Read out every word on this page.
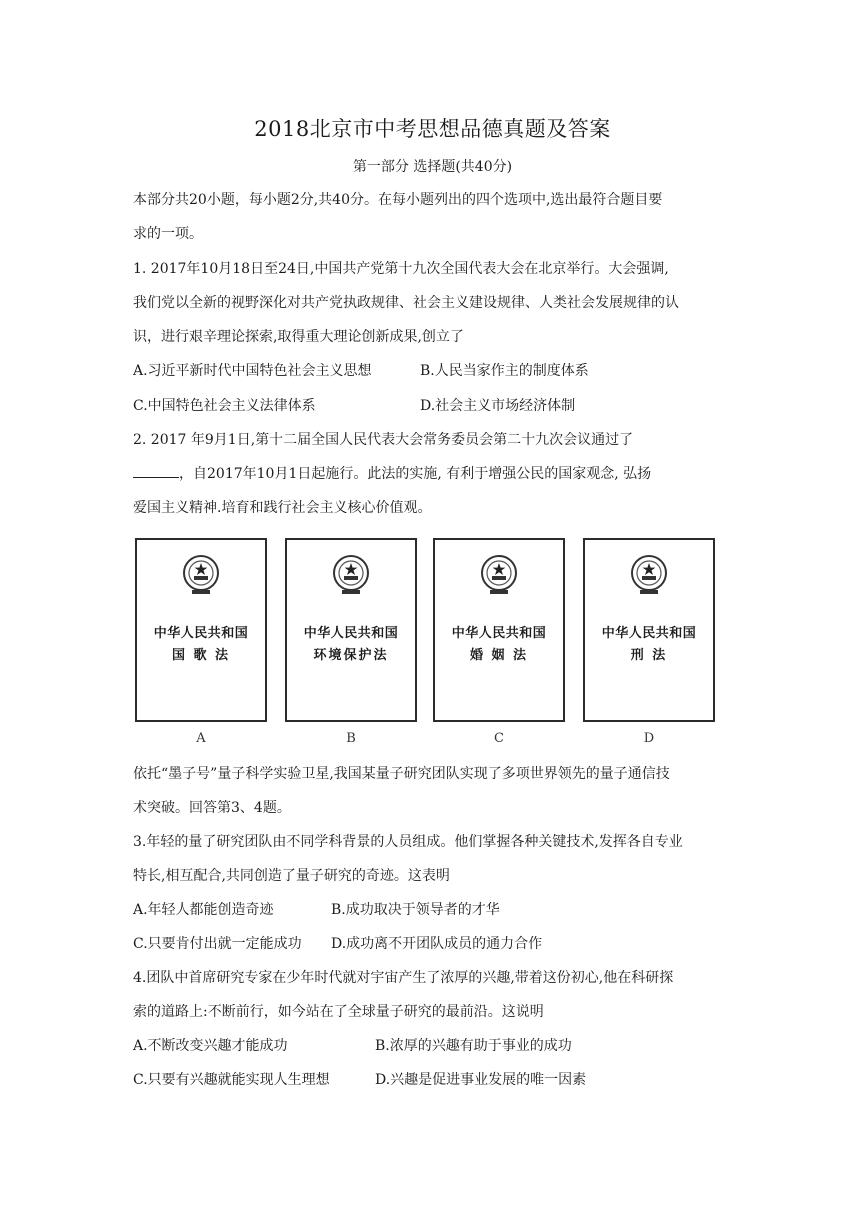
2018北京市中考思想品德真题及答案
第一部分 选择题(共40分)
本部分共20小题，每小题2分,共40分。在每小题列出的四个选项中,选出最符合题目要
求的一项。
1. 2017年10月18日至24日,中国共产党第十九次全国代表大会在北京举行。大会强调,
我们党以全新的视野深化对共产党执政规律、社会主义建设规律、人类社会发展规律的认
识，进行艰辛理论探索,取得重大理论创新成果,创立了
A.习近平新时代中国特色社会主义思想	B.人民当家作主的制度体系
C.中国特色社会主义法律体系	D.社会主义市场经济体制
2. 2017 年9月1日,第十二届全国人民代表大会常务委员会第二十九次会议通过了
，自2017年10月1日起施行。此法的实施, 有利于增强公民的国家观念, 弘扬
爱国主义精神.培育和践行社会主义核心价值观。
中华人民共和国
国 歌 法
中华人民共和国
环境保护法
中华人民共和国
婚 姻 法
中华人民共和国
刑 法
A	B	C	D
依托“墨子号”量子科学实验卫星,我国某量子研究团队实现了多项世界领先的量子通信技
术突破。回答第3、4题。
3.年轻的量了研究团队由不同学科背景的人员组成。他们掌握各种关键技术,发挥各自专业
特长,相互配合,共同创造了量子研究的奇迹。这表明
A.年轻人都能创造奇迹	B.成功取决于领导者的才华
C.只要肯付出就一定能成功 D.成功离不开团队成员的通力合作
4.团队中首席研究专家在少年时代就对宇宙产生了浓厚的兴趣,带着这份初心,他在科研探
索的道路上:不断前行，如今站在了全球量子研究的最前沿。这说明
A.不断改变兴趣才能成功	B.浓厚的兴趣有助于事业的成功
C.只要有兴趣就能实现人生理想	D.兴趣是促进事业发展的唯一因素
